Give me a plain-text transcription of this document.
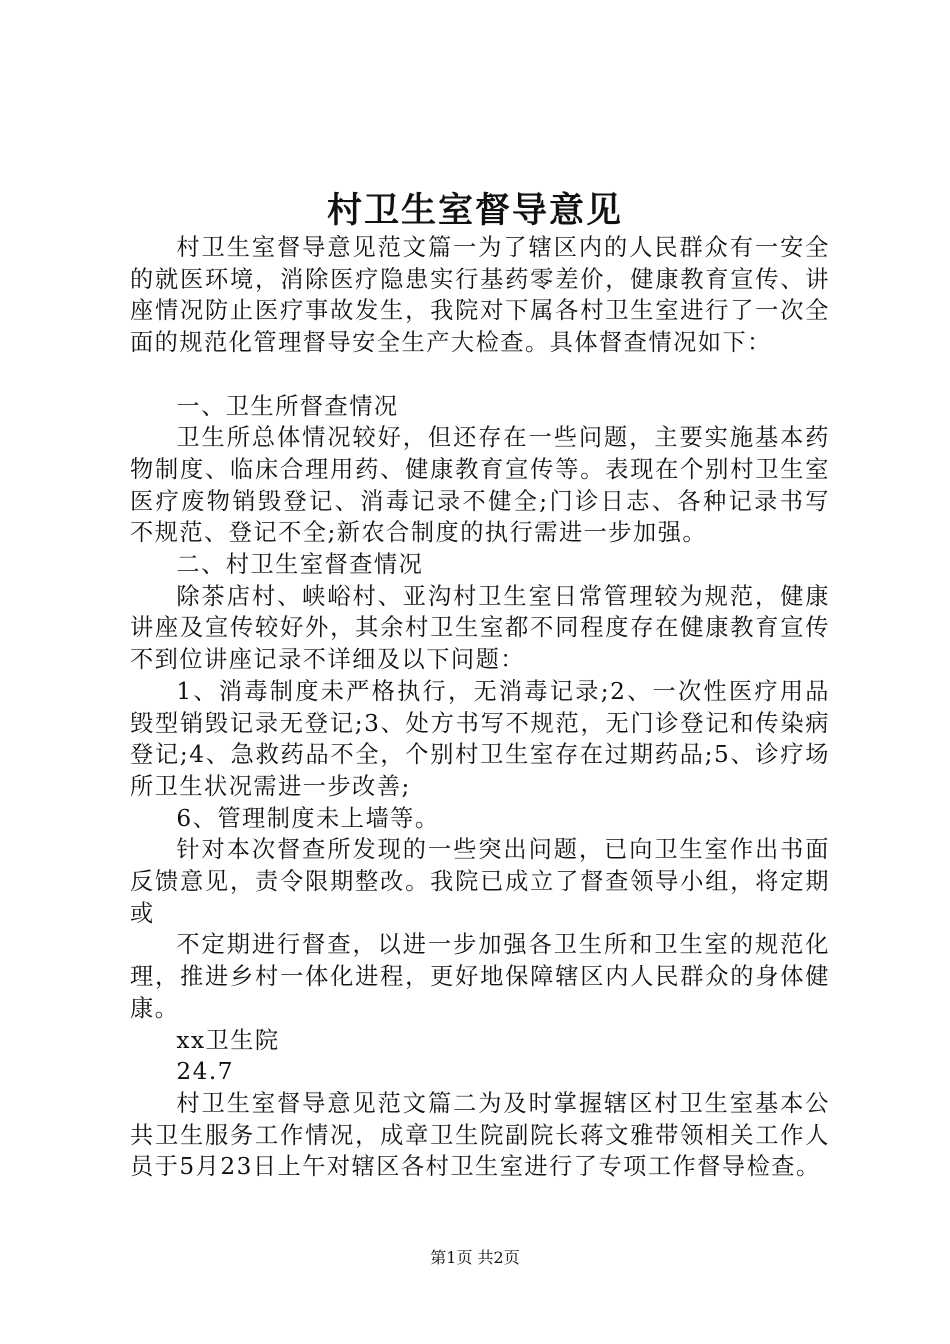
村卫生室督导意见

村卫生室督导意见范文篇一为了辖区内的人民群众有一安全的就医环境，消除医疗隐患实行基药零差价，健康教育宣传、讲座情况防止医疗事故发生，我院对下属各村卫生室进行了一次全面的规范化管理督导安全生产大检查。具体督查情况如下：

一、卫生所督查情况

卫生所总体情况较好，但还存在一些问题，主要实施基本药物制度、临床合理用药、健康教育宣传等。表现在个别村卫生室医疗废物销毁登记、消毒记录不健全;门诊日志、各种记录书写不规范、登记不全;新农合制度的执行需进一步加强。

二、村卫生室督查情况

除茶店村、峡峪村、亚沟村卫生室日常管理较为规范，健康讲座及宣传较好外，其余村卫生室都不同程度存在健康教育宣传不到位讲座记录不详细及以下问题：

1、消毒制度未严格执行，无消毒记录;2、一次性医疗用品毁型销毁记录无登记;3、处方书写不规范，无门诊登记和传染病登记;4、急救药品不全，个别村卫生室存在过期药品;5、诊疗场所卫生状况需进一步改善;

6、管理制度未上墙等。

针对本次督查所发现的一些突出问题，已向卫生室作出书面反馈意见，责令限期整改。我院已成立了督查领导小组，将定期或

不定期进行督查，以进一步加强各卫生所和卫生室的规范化理，推进乡村一体化进程，更好地保障辖区内人民群众的身体健康。

xx卫生院

24.7

村卫生室督导意见范文篇二为及时掌握辖区村卫生室基本公共卫生服务工作情况，成章卫生院副院长蒋文雅带领相关工作人员于5月23日上午对辖区各村卫生室进行了专项工作督导检查。

第1页 共2页
